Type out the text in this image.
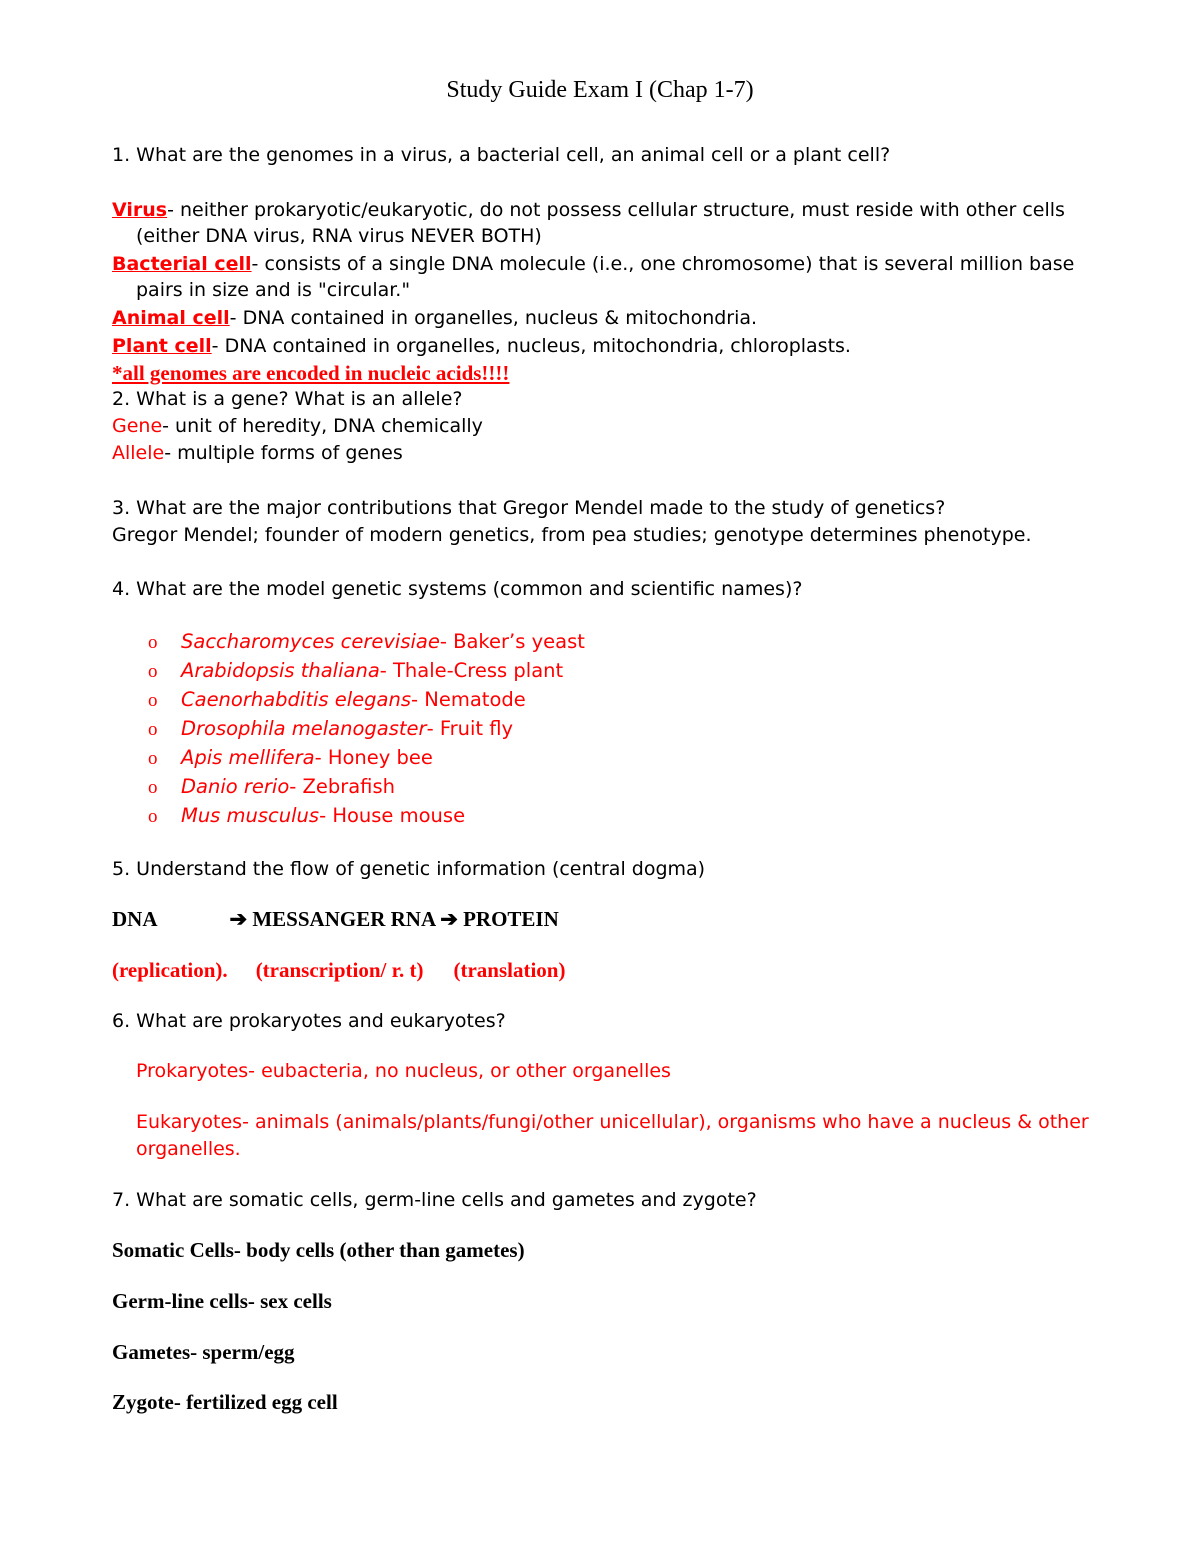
Study Guide Exam I (Chap 1-7)
1. What are the genomes in a virus, a bacterial cell, an animal cell or a plant cell?
Virus- neither prokaryotic/eukaryotic, do not possess cellular structure, must reside with other cells
(either DNA virus, RNA virus NEVER BOTH)
Bacterial cell- consists of a single DNA molecule (i.e., one chromosome) that is several million base
pairs in size and is "circular."
Animal cell- DNA contained in organelles, nucleus & mitochondria.
Plant cell- DNA contained in organelles, nucleus, mitochondria, chloroplasts.
*all genomes are encoded in nucleic acids!!!!
2. What is a gene? What is an allele?
Gene- unit of heredity, DNA chemically
Allele- multiple forms of genes
3. What are the major contributions that Gregor Mendel made to the study of genetics?
Gregor Mendel; founder of modern genetics, from pea studies; genotype determines phenotype.
4. What are the model genetic systems (common and scientific names)?
o Saccharomyces cerevisiae- Baker’s yeast
o Arabidopsis thaliana- Thale-Cress plant
o Caenorhabditis elegans- Nematode
o Drosophila melanogaster- Fruit fly
o Apis mellifera- Honey bee
o Danio rerio- Zebrafish
o Mus musculus- House mouse
5. Understand the flow of genetic information (central dogma)
DNA	➔ MESSANGER RNA ➔ PROTEIN
(replication). (transcription/ r. t) (translation)
6. What are prokaryotes and eukaryotes?
Prokaryotes- eubacteria, no nucleus, or other organelles
Eukaryotes- animals (animals/plants/fungi/other unicellular), organisms who have a nucleus & other
organelles.
7. What are somatic cells, germ-line cells and gametes and zygote?
Somatic Cells- body cells (other than gametes)
Germ-line cells- sex cells
Gametes- sperm/egg
Zygote- fertilized egg cell
